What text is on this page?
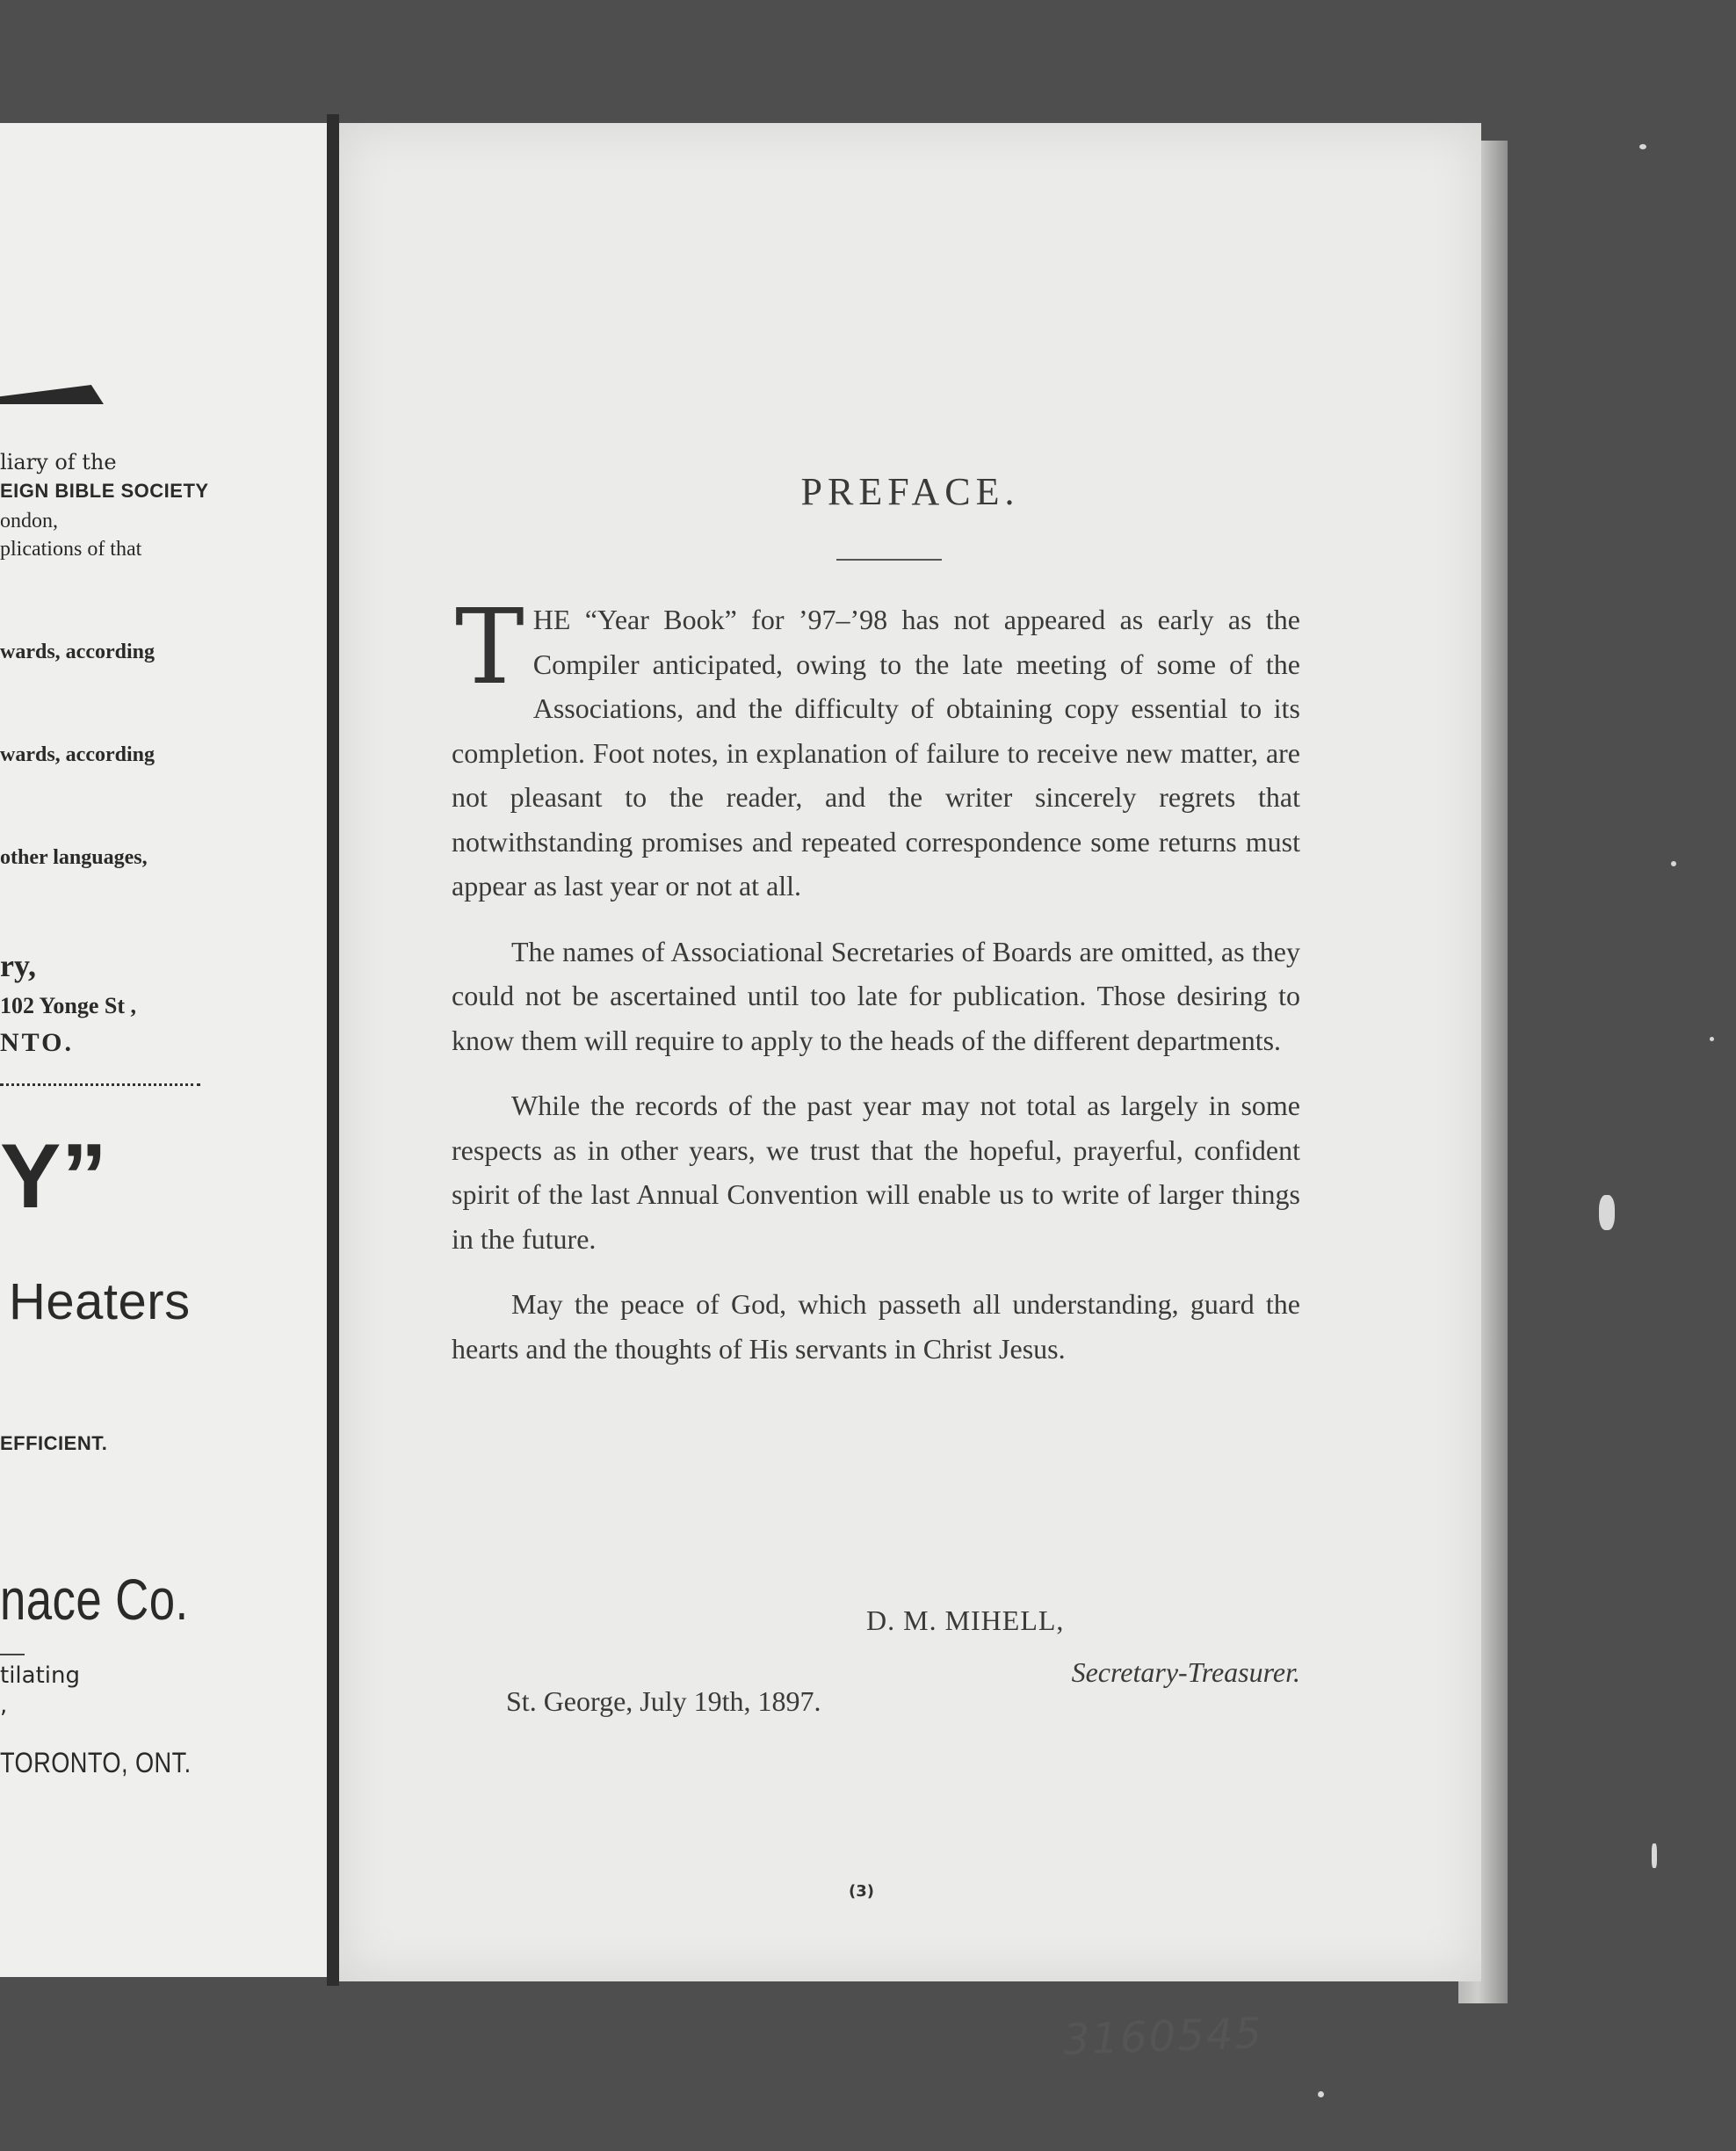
liary of the
EIGN BIBLE SOCIETY
ondon,
plications of that
wards, according
wards, according
other languages,
ry,
102 Yonge St ,
NTO.
Y”
Heaters
EFFICIENT.
nace Co.
tilating
,
TORONTO, ONT.
PREFACE.

THE “Year Book” for ’97–’98 has not appeared as early as the Compiler anticipated, owing to the late meeting of some of the Associations, and the difficulty of obtaining copy essential to its completion. Foot notes, in explanation of failure to receive new matter, are not pleasant to the reader, and the writer sincerely regrets that notwithstanding promises and repeated correspondence some returns must appear as last year or not at all.

The names of Associational Secretaries of Boards are omitted, as they could not be ascertained until too late for publication. Those desiring to know them will require to apply to the heads of the different departments.

While the records of the past year may not total as largely in some respects as in other years, we trust that the hopeful, prayerful, confident spirit of the last Annual Convention will enable us to write of larger things in the future.

May the peace of God, which passeth all understanding, guard the hearts and the thoughts of His servants in Christ Jesus.

D. M. MIHELL,
Secretary-Treasurer.
St. George, July 19th, 1897.
(3)
3160545
